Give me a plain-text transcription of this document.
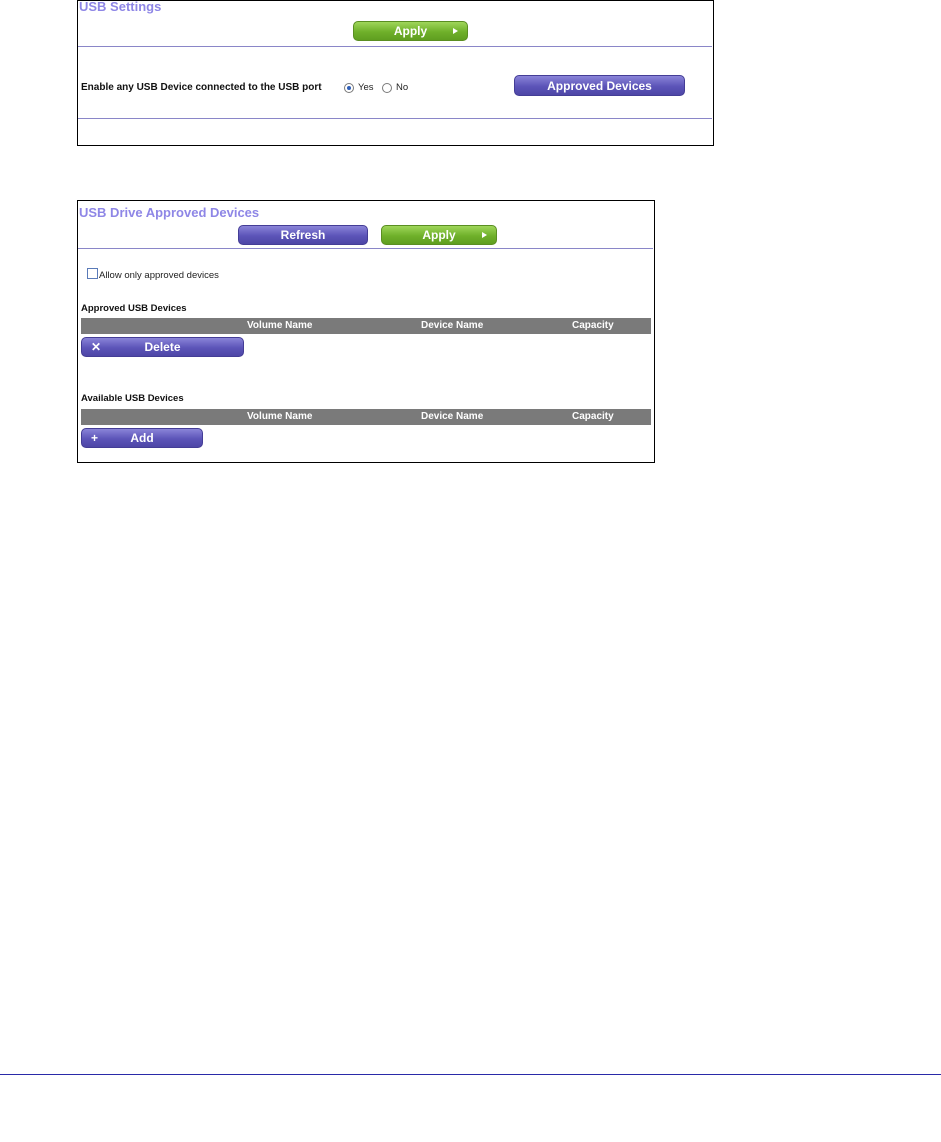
USB Settings
Apply
Enable any USB Device connected to the USB port	Yes No	Approved Devices
USB Drive Approved Devices
Refresh	Apply
Allow only approved devices
Approved USB Devices
Volume Name	Device Name	Capacity
✕	Delete
Available USB Devices
Volume Name	Device Name	Capacity
+	Add
